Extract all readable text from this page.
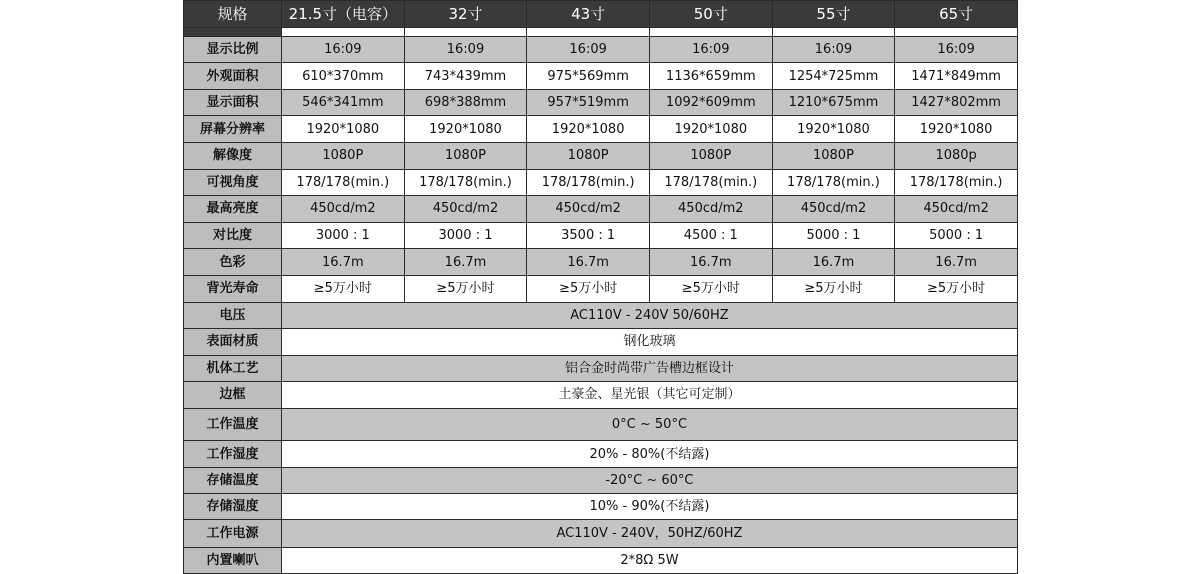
规格	21.5寸（电容）	32寸	43寸	50寸	55寸	65寸

显示比例	16:09	16:09	16:09	16:09	16:09	16:09
外观面积	610*370mm	743*439mm	975*569mm	1136*659mm	1254*725mm	1471*849mm
显示面积	546*341mm	698*388mm	957*519mm	1092*609mm	1210*675mm	1427*802mm
屏幕分辨率	1920*1080	1920*1080	1920*1080	1920*1080	1920*1080	1920*1080
解像度	1080P	1080P	1080P	1080P	1080P	1080p
可视角度	178/178(min.)	178/178(min.)	178/178(min.)	178/178(min.)	178/178(min.)	178/178(min.)
最高亮度	450cd/m2	450cd/m2	450cd/m2	450cd/m2	450cd/m2	450cd/m2
对比度	3000 : 1	3000 : 1	3500 : 1	4500 : 1	5000 : 1	5000 : 1
色彩	16.7m	16.7m	16.7m	16.7m	16.7m	16.7m
背光寿命	≥5万小时	≥5万小时	≥5万小时	≥5万小时	≥5万小时	≥5万小时
电压	AC110V - 240V 50/60HZ					
表面材质	钢化玻璃					
机体工艺	铝合金时尚带广告槽边框设计					
边框	土豪金、星光银（其它可定制）					
工作温度	0°C ~ 50°C					
工作湿度	20% - 80%(不结露)					
存储温度	-20°C ~ 60°C					
存储湿度	10% - 90%(不结露)					
工作电源	AC110V - 240V，50HZ/60HZ					
内置喇叭	2*8Ω 5W					
